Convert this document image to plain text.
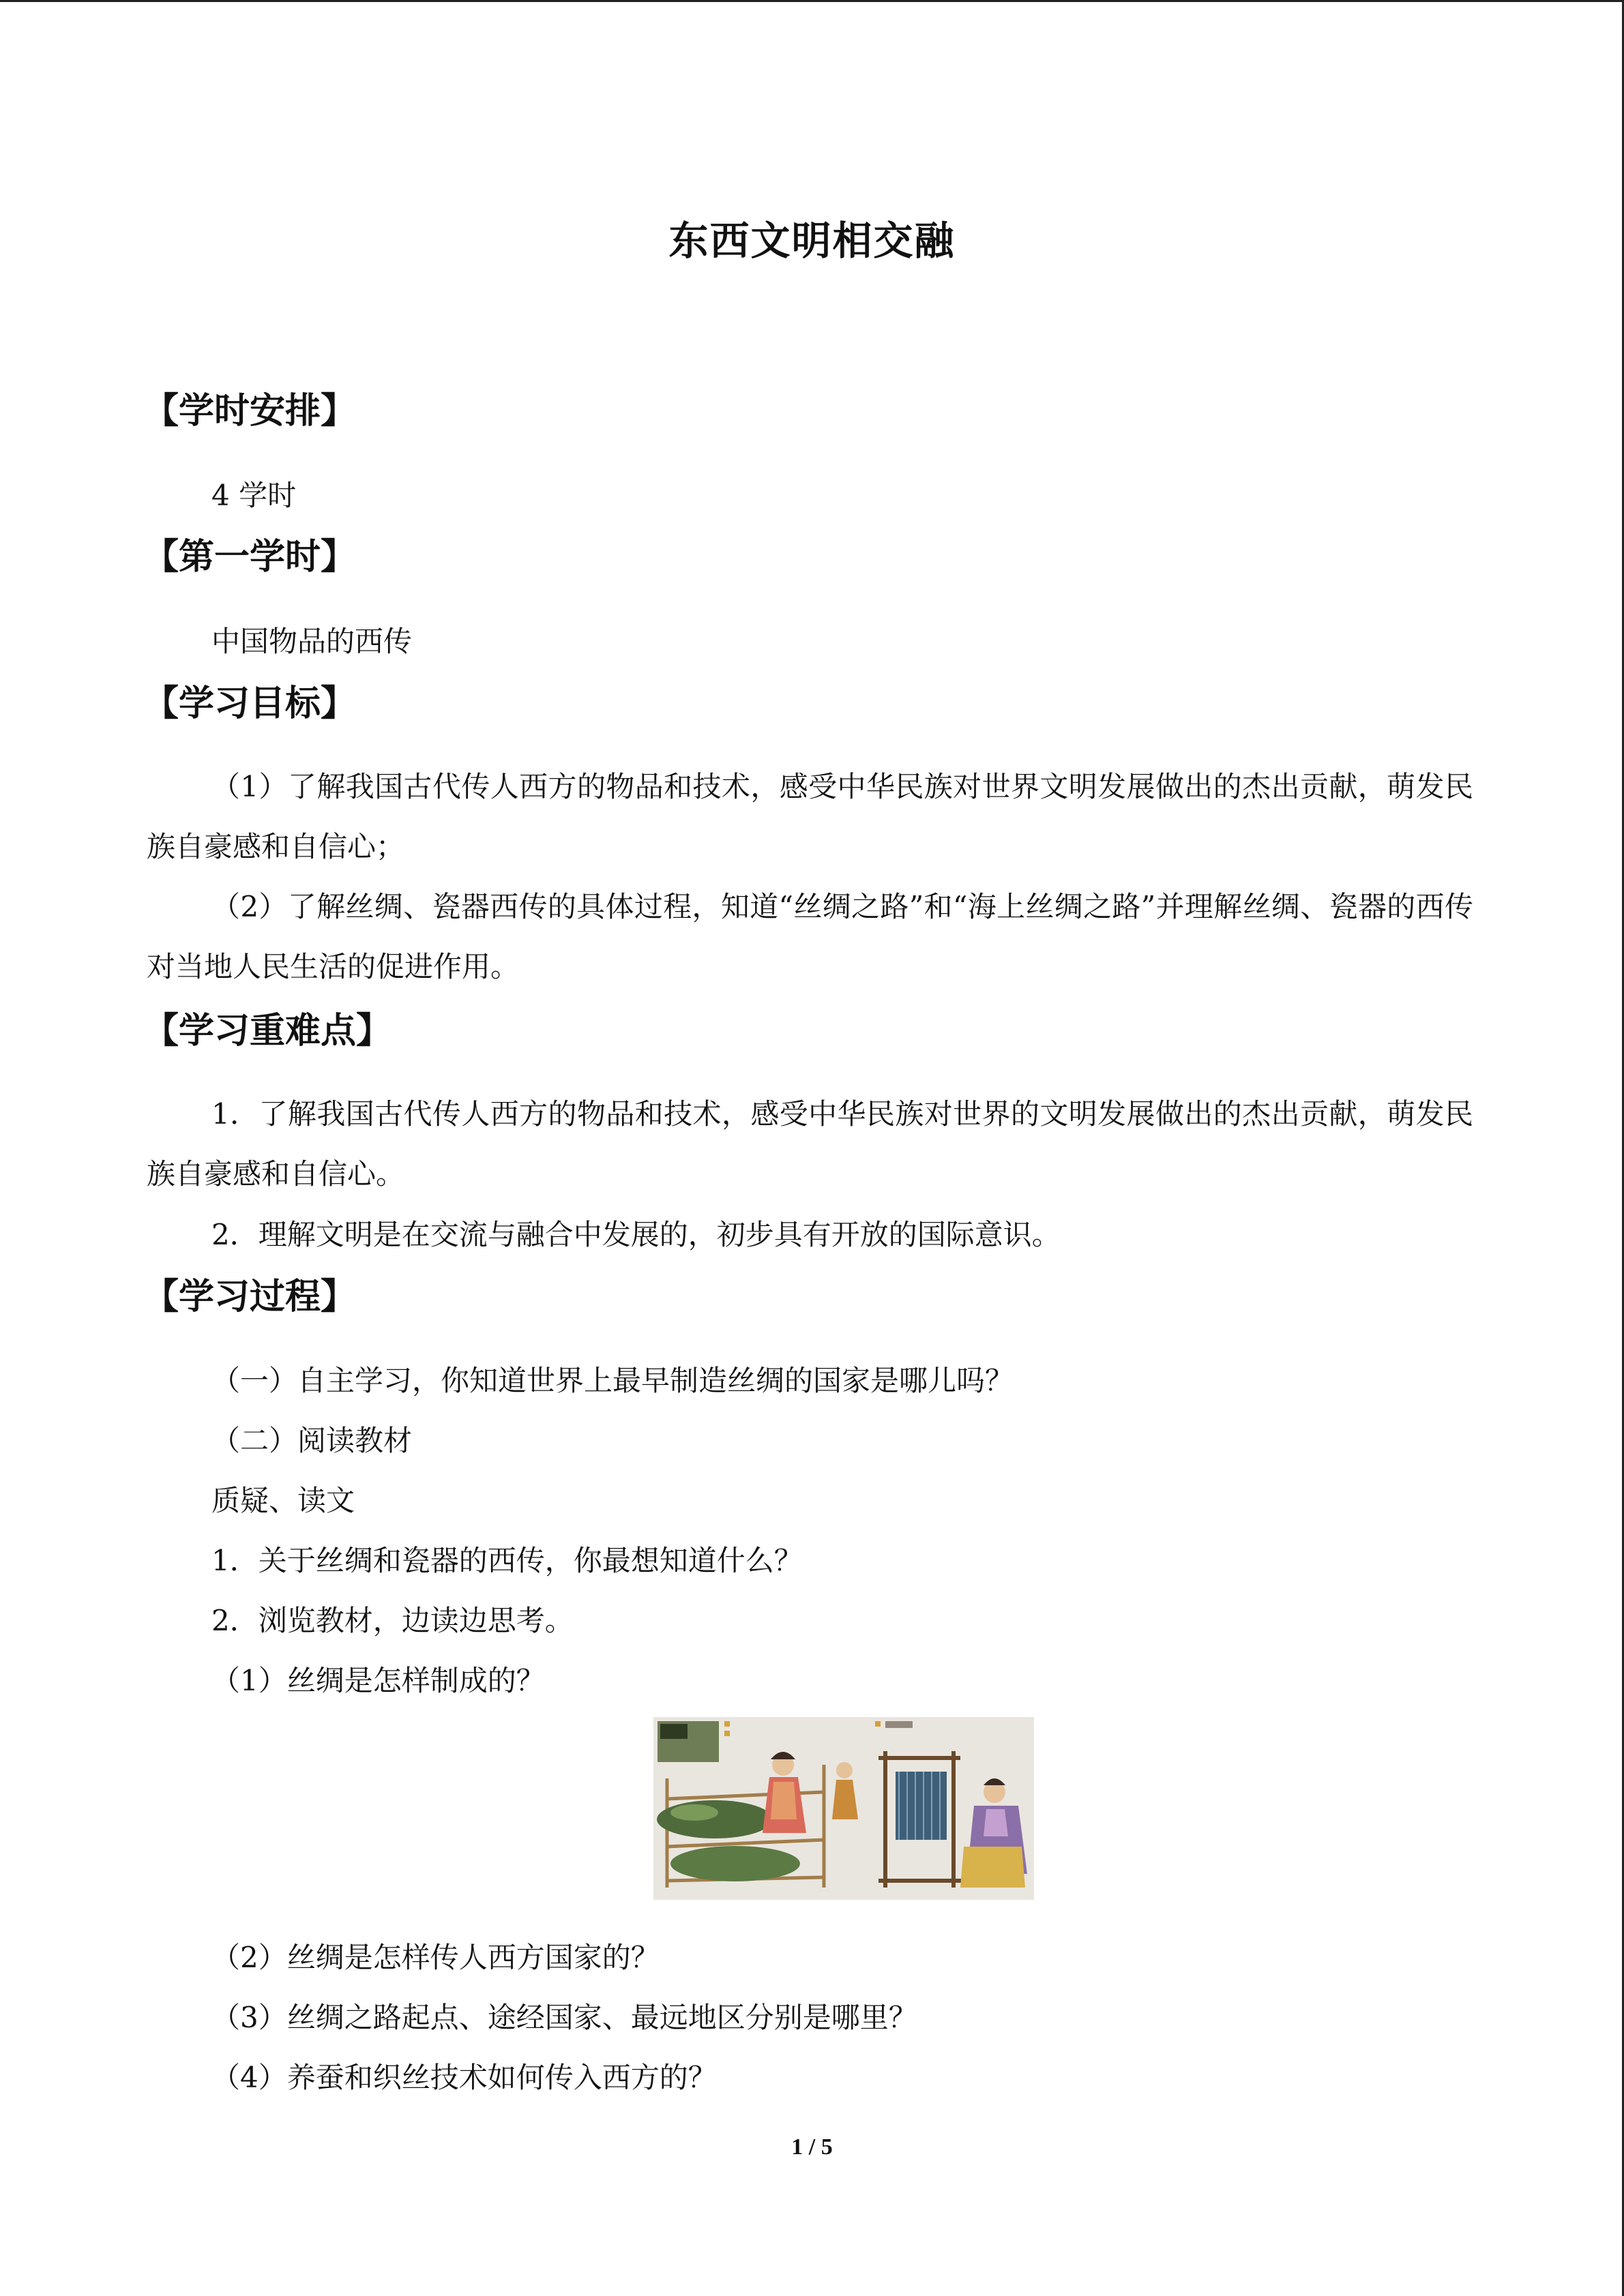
东西文明相交融
【学时安排】
4 学时
【第一学时】
中国物品的西传
【学习目标】
（1）了解我国古代传人西方的物品和技术，感受中华民族对世界文明发展做出的杰出贡献，萌发民族自豪感和自信心；
（2）了解丝绸、瓷器西传的具体过程，知道“丝绸之路”和“海上丝绸之路”并理解丝绸、瓷器的西传对当地人民生活的促进作用。
【学习重难点】
1．了解我国古代传人西方的物品和技术，感受中华民族对世界的文明发展做出的杰出贡献，萌发民族自豪感和自信心。
2．理解文明是在交流与融合中发展的，初步具有开放的国际意识。
【学习过程】
（一）自主学习，你知道世界上最早制造丝绸的国家是哪儿吗？
（二）阅读教材
质疑、读文
1．关于丝绸和瓷器的西传，你最想知道什么？
2．浏览教材，边读边思考。
（1）丝绸是怎样制成的？
（2）丝绸是怎样传人西方国家的？
（3）丝绸之路起点、途经国家、最远地区分别是哪里？
（4）养蚕和织丝技术如何传入西方的？
1 / 5
